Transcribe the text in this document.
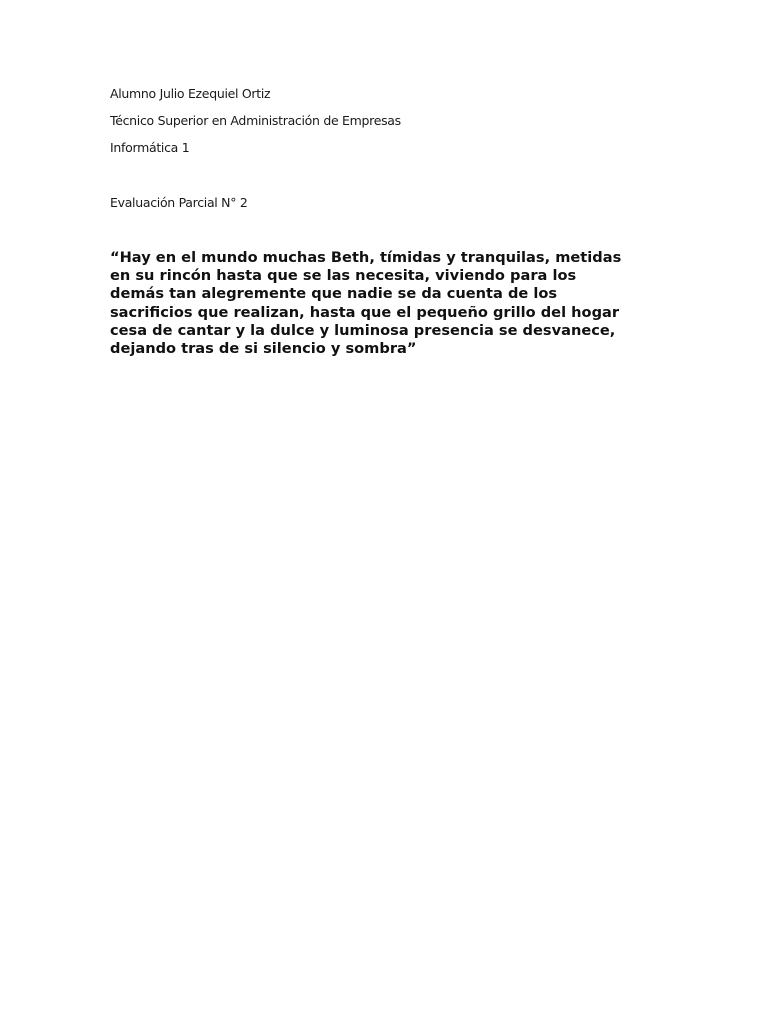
Alumno Julio Ezequiel Ortiz
Técnico Superior en Administración de Empresas
Informática 1
Evaluación Parcial N° 2

“Hay en el mundo muchas Beth, tímidas y tranquilas, metidas
en su rincón hasta que se las necesita, viviendo para los
demás tan alegremente que nadie se da cuenta de los
sacrificios que realizan, hasta que el pequeño grillo del hogar
cesa de cantar y la dulce y luminosa presencia se desvanece,
dejando tras de si silencio y sombra”
